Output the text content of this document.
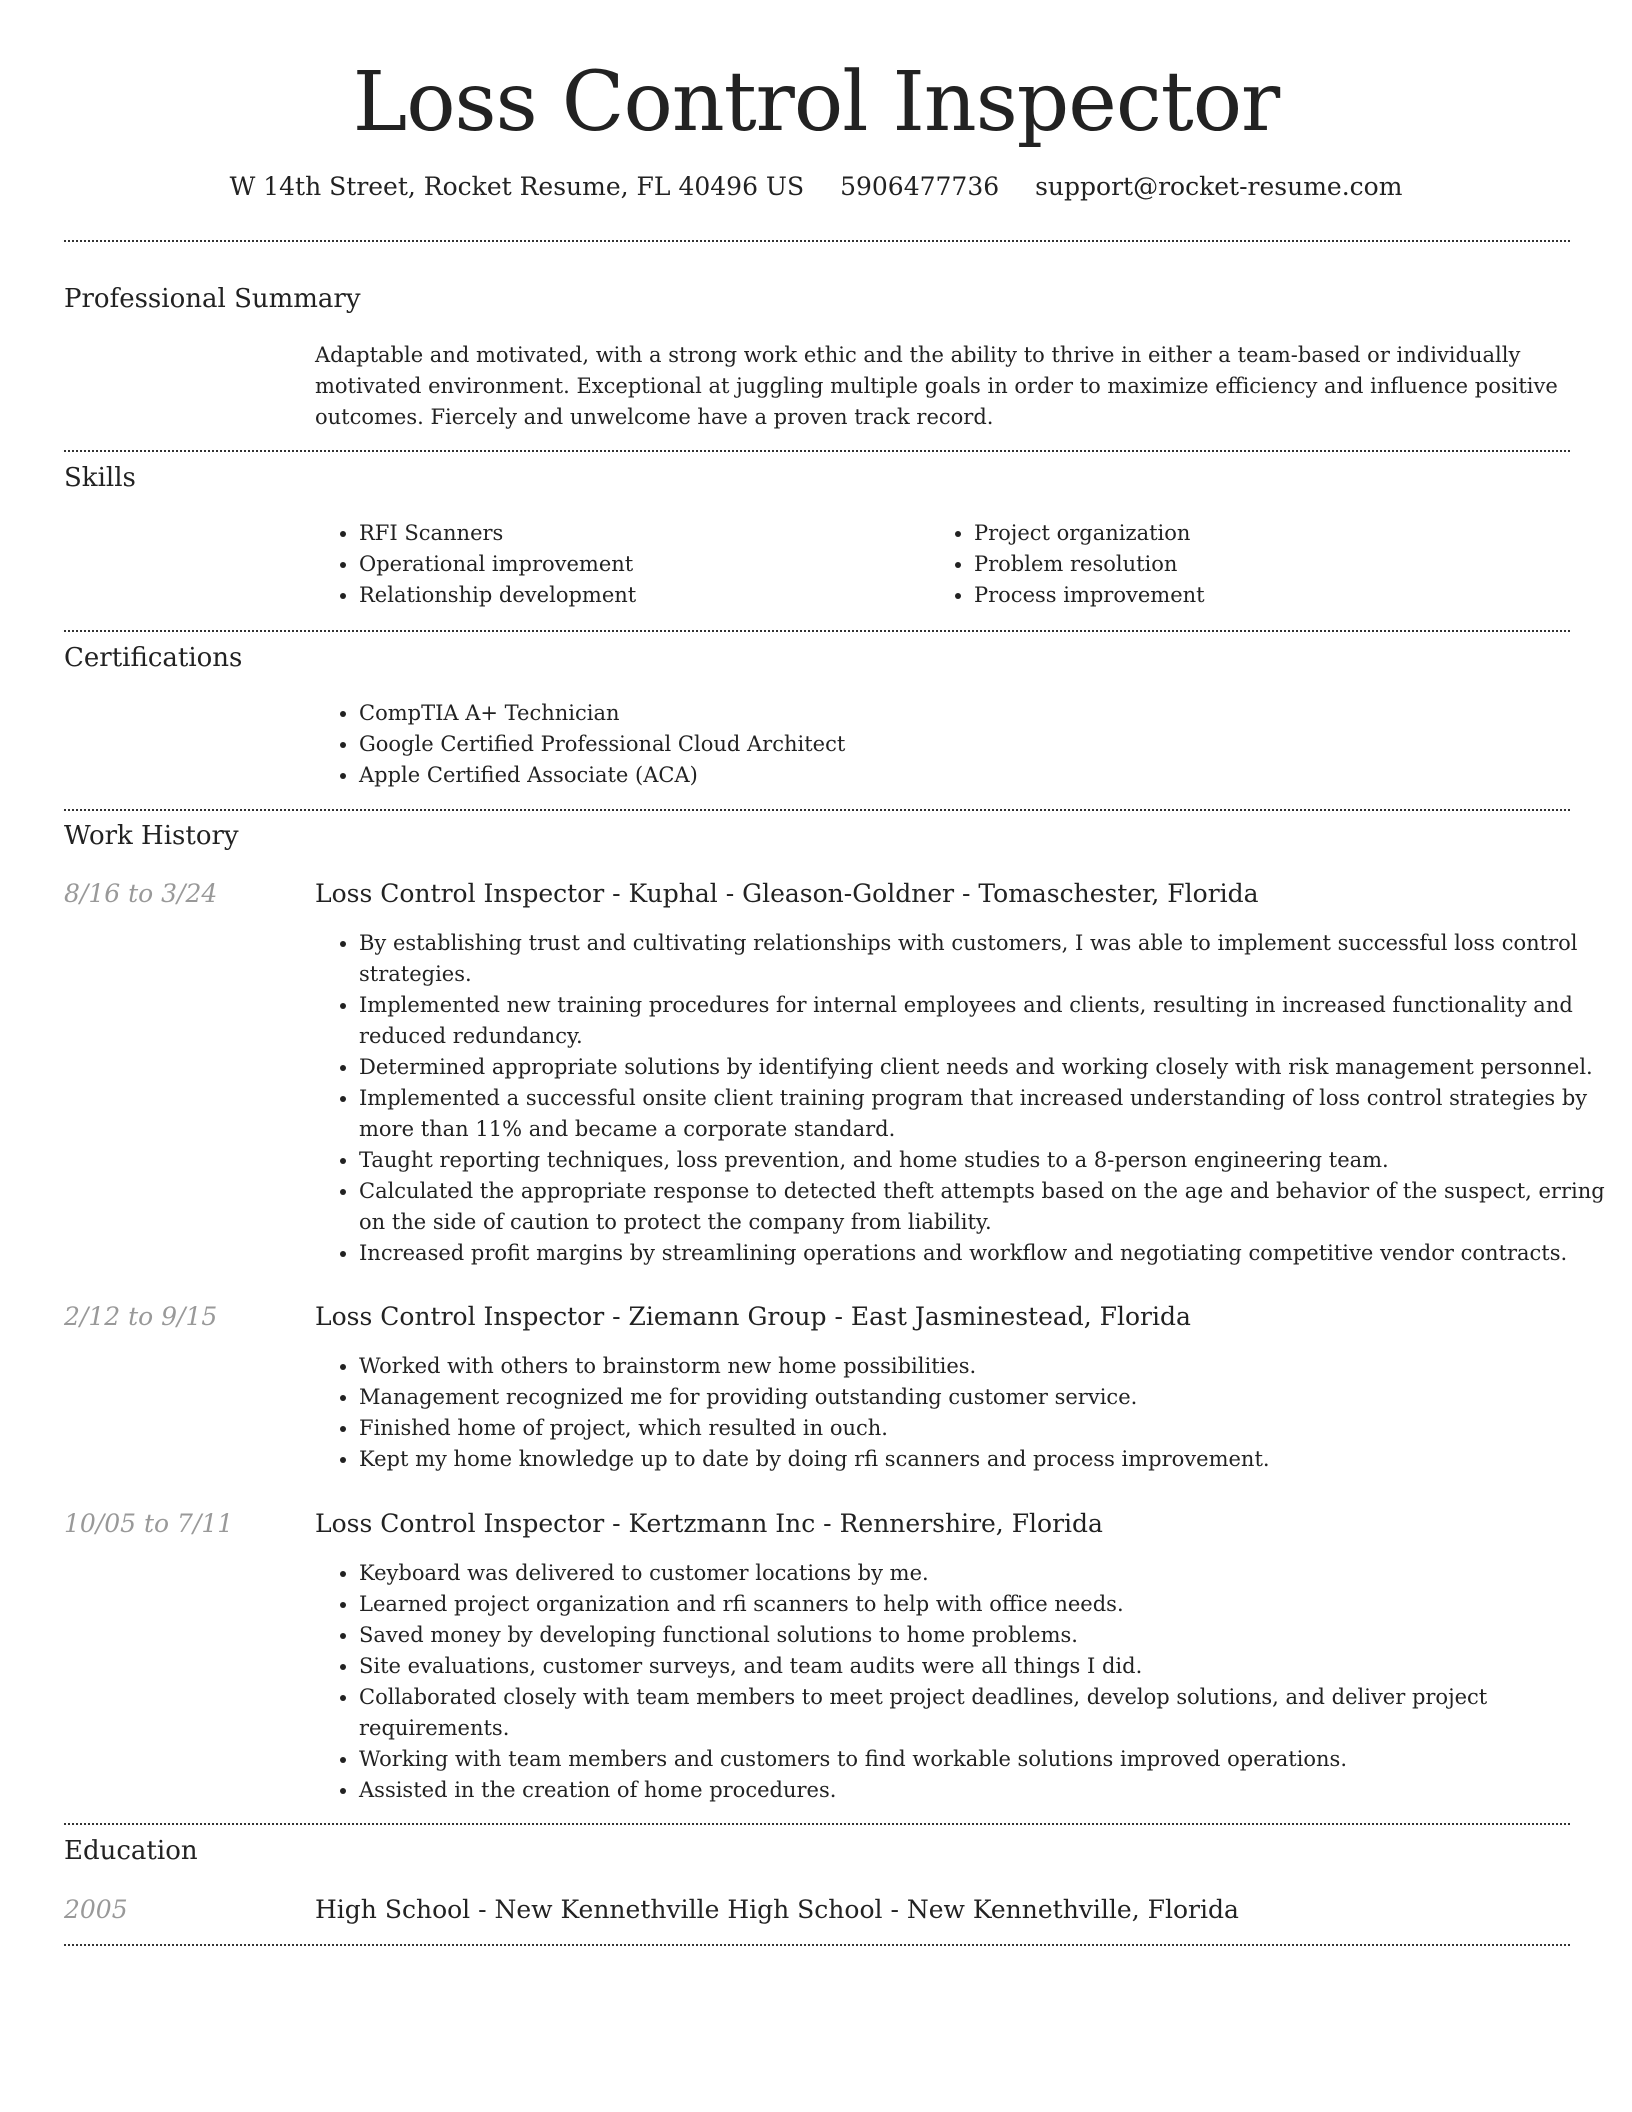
Loss Control Inspector
W 14th Street, Rocket Resume, FL 40496 US 5906477736 support@rocket-resume.com
Professional Summary

Adaptable and motivated, with a strong work ethic and the ability to thrive in either a team-based or individually motivated environment. Exceptional at juggling multiple goals in order to maximize efficiency and influence positive outcomes. Fiercely and unwelcome have a proven track record.

Skills
• RFI Scanners
• Operational improvement
• Relationship development
• Project organization
• Problem resolution
• Process improvement
Certifications
• CompTIA A+ Technician
• Google Certified Professional Cloud Architect
• Apple Certified Associate (ACA)
Work History
8/16 to 3/24	Loss Control Inspector - Kuphal - Gleason-Goldner - Tomaschester, Florida
• By establishing trust and cultivating relationships with customers, I was able to implement successful loss control strategies.
• Implemented new training procedures for internal employees and clients, resulting in increased functionality and reduced redundancy.
• Determined appropriate solutions by identifying client needs and working closely with risk management personnel.
• Implemented a successful onsite client training program that increased understanding of loss control strategies by more than 11% and became a corporate standard.
• Taught reporting techniques, loss prevention, and home studies to a 8-person engineering team.
• Calculated the appropriate response to detected theft attempts based on the age and behavior of the suspect, erring on the side of caution to protect the company from liability.
• Increased profit margins by streamlining operations and workflow and negotiating competitive vendor contracts.
2/12 to 9/15	Loss Control Inspector - Ziemann Group - East Jasminestead, Florida
• Worked with others to brainstorm new home possibilities.
• Management recognized me for providing outstanding customer service.
• Finished home of project, which resulted in ouch.
• Kept my home knowledge up to date by doing rfi scanners and process improvement.
10/05 to 7/11	Loss Control Inspector - Kertzmann Inc - Rennershire, Florida
• Keyboard was delivered to customer locations by me.
• Learned project organization and rfi scanners to help with office needs.
• Saved money by developing functional solutions to home problems.
• Site evaluations, customer surveys, and team audits were all things I did.
• Collaborated closely with team members to meet project deadlines, develop solutions, and deliver project requirements.
• Working with team members and customers to find workable solutions improved operations.
• Assisted in the creation of home procedures.
Education
2005	High School - New Kennethville High School - New Kennethville, Florida
